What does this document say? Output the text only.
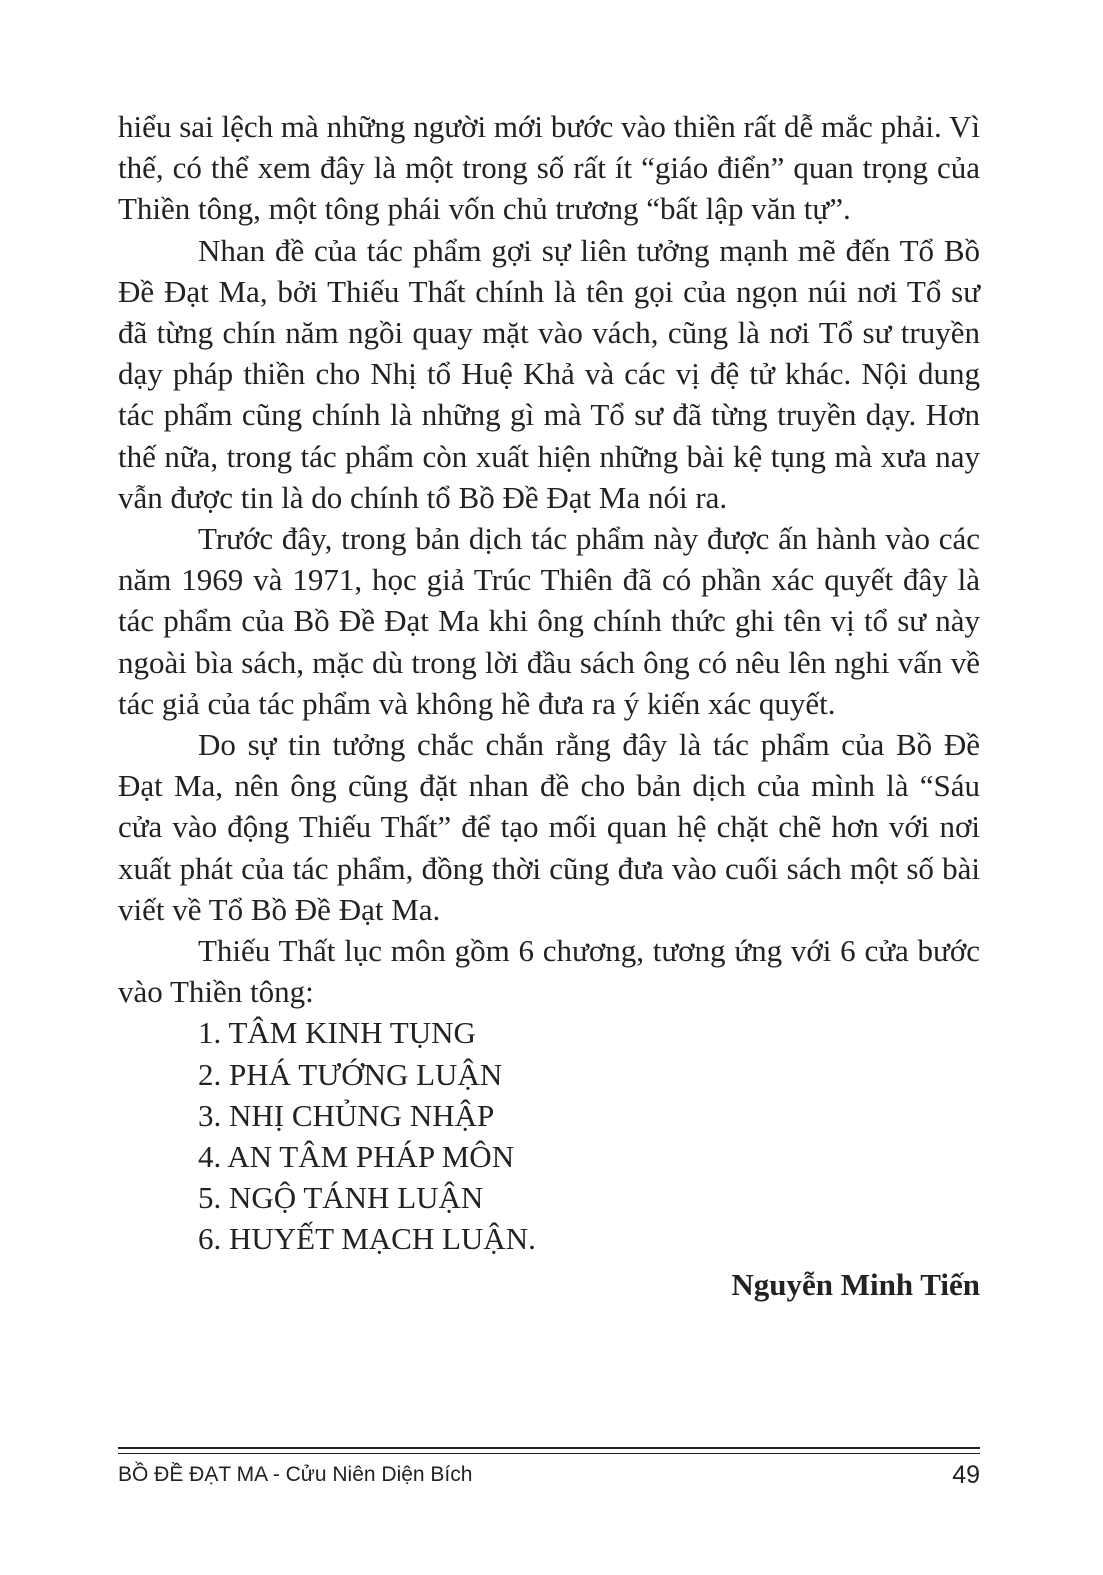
hiểu sai lệch mà những người mới bước vào thiền rất dễ mắc phải. Vì thế, có thể xem đây là một trong số rất ít “giáo điển” quan trọng của Thiền tông, một tông phái vốn chủ trương “bất lập văn tự”.

Nhan đề của tác phẩm gợi sự liên tưởng mạnh mẽ đến Tổ Bồ Đề Đạt Ma, bởi Thiếu Thất chính là tên gọi của ngọn núi nơi Tổ sư đã từng chín năm ngồi quay mặt vào vách, cũng là nơi Tổ sư truyền dạy pháp thiền cho Nhị tổ Huệ Khả và các vị đệ tử khác. Nội dung tác phẩm cũng chính là những gì mà Tổ sư đã từng truyền dạy. Hơn thế nữa, trong tác phẩm còn xuất hiện những bài kệ tụng mà xưa nay vẫn được tin là do chính tổ Bồ Đề Đạt Ma nói ra.

Trước đây, trong bản dịch tác phẩm này được ấn hành vào các năm 1969 và 1971, học giả Trúc Thiên đã có phần xác quyết đây là tác phẩm của Bồ Đề Đạt Ma khi ông chính thức ghi tên vị tổ sư này ngoài bìa sách, mặc dù trong lời đầu sách ông có nêu lên nghi vấn về tác giả của tác phẩm và không hề đưa ra ý kiến xác quyết.

Do sự tin tưởng chắc chắn rằng đây là tác phẩm của Bồ Đề Đạt Ma, nên ông cũng đặt nhan đề cho bản dịch của mình là “Sáu cửa vào động Thiếu Thất” để tạo mối quan hệ chặt chẽ hơn với nơi xuất phát của tác phẩm, đồng thời cũng đưa vào cuối sách một số bài viết về Tổ Bồ Đề Đạt Ma.

Thiếu Thất lục môn gồm 6 chương, tương ứng với 6 cửa bước vào Thiền tông:

1. TÂM KINH TỤNG
2. PHÁ TƯỚNG LUẬN
3. NHỊ CHỦNG NHẬP
4. AN TÂM PHÁP MÔN
5. NGỘ TÁNH LUẬN
6. HUYẾT MẠCH LUẬN.
Nguyễn Minh Tiến
BỒ ĐỀ ĐẠT MA - Cửu Niên Diện Bích	49
